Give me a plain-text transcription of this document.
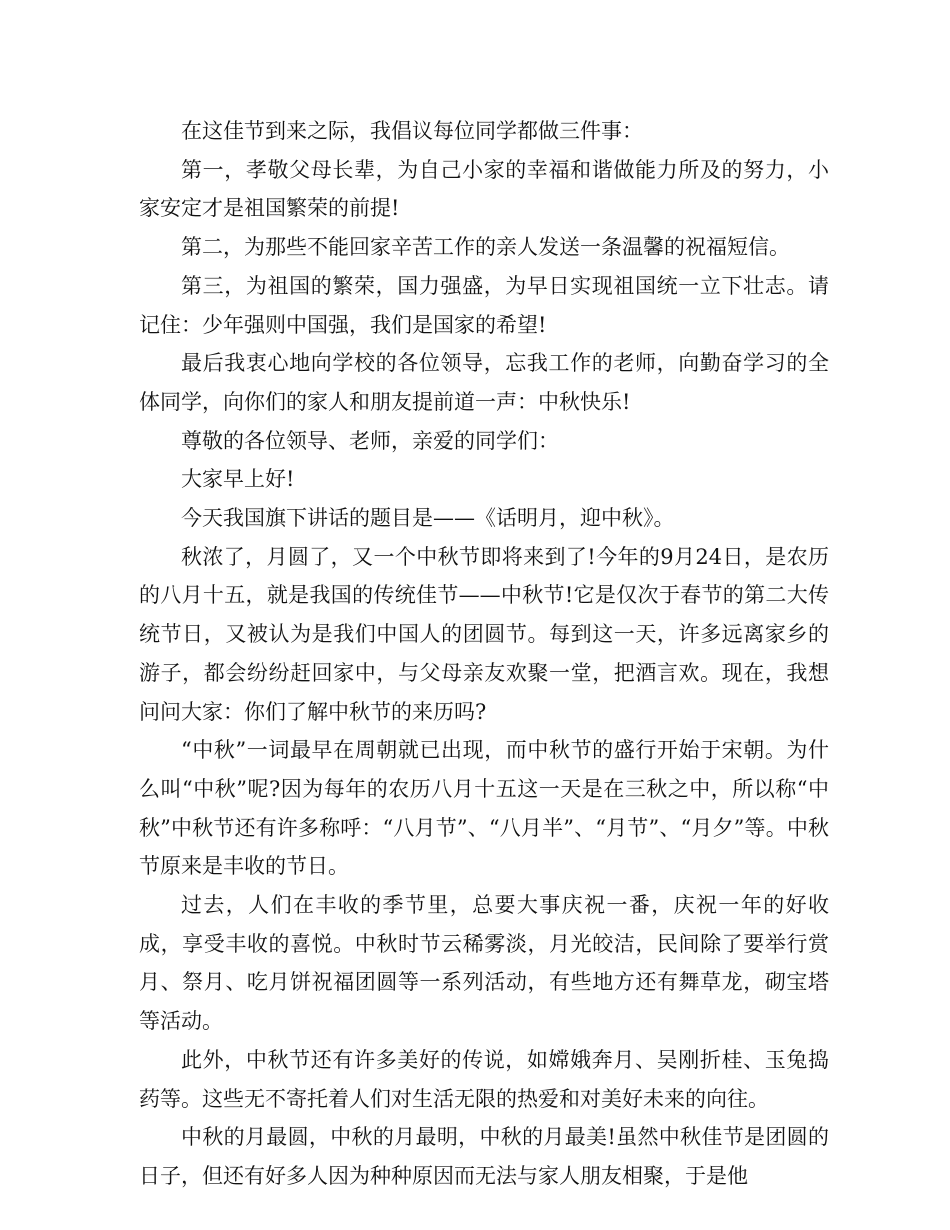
在这佳节到来之际，我倡议每位同学都做三件事：

第一，孝敬父母长辈，为自己小家的幸福和谐做能力所及的努力，小家安定才是祖国繁荣的前提!

第二，为那些不能回家辛苦工作的亲人发送一条温馨的祝福短信。

第三，为祖国的繁荣，国力强盛，为早日实现祖国统一立下壮志。请记住：少年强则中国强，我们是国家的希望!

最后我衷心地向学校的各位领导，忘我工作的老师，向勤奋学习的全体同学，向你们的家人和朋友提前道一声：中秋快乐!

尊敬的各位领导、老师，亲爱的同学们：

大家早上好!

今天我国旗下讲话的题目是——《话明月，迎中秋》。

秋浓了，月圆了，又一个中秋节即将来到了!今年的9月24日，是农历的八月十五，就是我国的传统佳节——中秋节!它是仅次于春节的第二大传统节日，又被认为是我们中国人的团圆节。每到这一天，许多远离家乡的游子，都会纷纷赶回家中，与父母亲友欢聚一堂，把酒言欢。现在，我想问问大家：你们了解中秋节的来历吗?

“中秋”一词最早在周朝就已出现，而中秋节的盛行开始于宋朝。为什么叫“中秋”呢?因为每年的农历八月十五这一天是在三秋之中，所以称“中秋”中秋节还有许多称呼：“八月节”、“八月半”、“月节”、“月夕”等。中秋节原来是丰收的节日。

过去，人们在丰收的季节里，总要大事庆祝一番，庆祝一年的好收成，享受丰收的喜悦。中秋时节云稀雾淡，月光皎洁，民间除了要举行赏月、祭月、吃月饼祝福团圆等一系列活动，有些地方还有舞草龙，砌宝塔等活动。

此外，中秋节还有许多美好的传说，如嫦娥奔月、吴刚折桂、玉兔捣药等。这些无不寄托着人们对生活无限的热爱和对美好未来的向往。

中秋的月最圆，中秋的月最明，中秋的月最美!虽然中秋佳节是团圆的日子，但还有好多人因为种种原因而无法与家人朋友相聚，于是他
